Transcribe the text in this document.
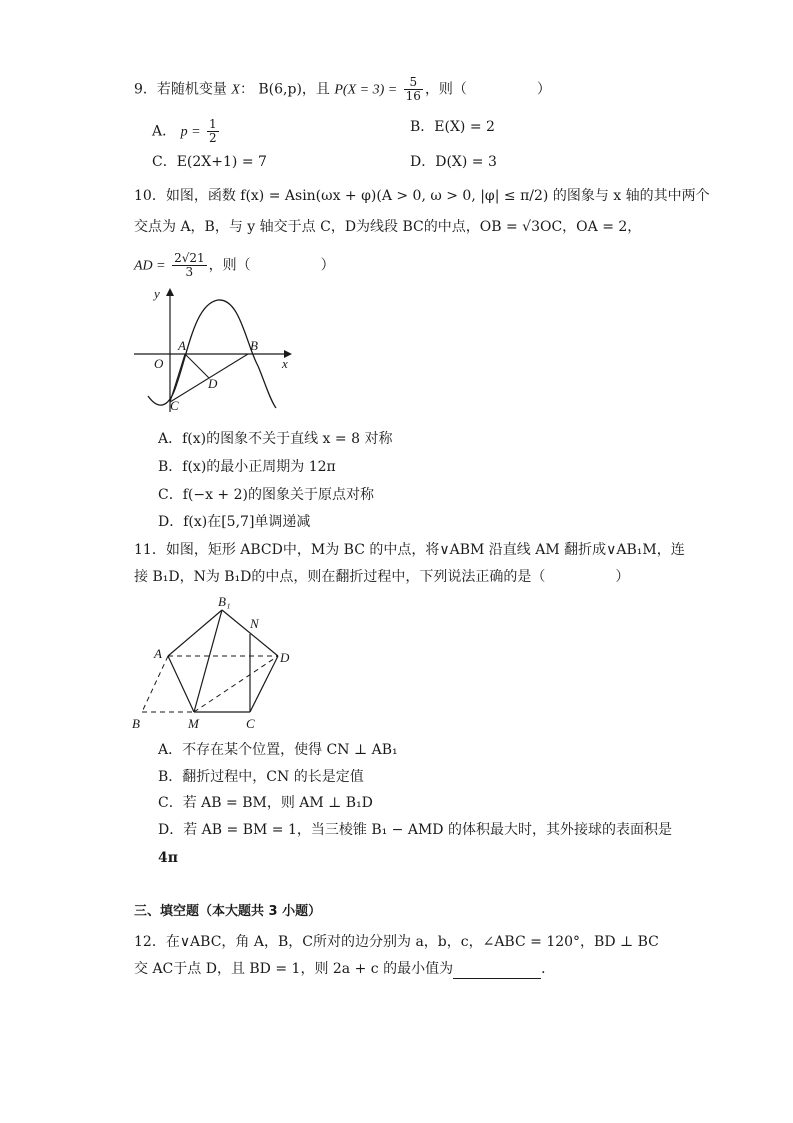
9．若随机变量 X： B(6,p)，且 $P(X = 3) = \frac{5}{16}$ ，则（　　　　　）
A． $p = \frac{1}{2}$	B．E(X) = 2
C．E(2X+1) = 7	D．D(X) = 3
10．如图，函数 f(x) = Asin(ωx + φ)(A > 0, ω > 0, |φ| ≤ π/2) 的图象与 x 轴的其中两个
交点为 A，B，与 y 轴交于点 C，D为线段 BC的中点，OB = √3OC，OA = 2，
AD = $\frac{2√21}{3}$ ，则（　　　　　）
y
x
O
A	B
C
D
A．f(x)的图象不关于直线 x = 8 对称
B．f(x)的最小正周期为 12π
C．f(−x + 2)的图象关于原点对称
D．f(x)在[5,7]单调递减
11．如图，矩形 ABCD中，M为 BC 的中点，将∨ABM 沿直线 AM 翻折成∨AB₁M，连
接 B₁D，N为 B₁D的中点，则在翻折过程中，下列说法正确的是（　　　　　）
B₁
N
A	D
B	M	C
A．不存在某个位置，使得 CN ⊥ AB₁
B．翻折过程中，CN 的长是定值
C．若 AB = BM，则 AM ⊥ B₁D
D．若 AB = BM = 1，当三棱锥 B₁ − AMD 的体积最大时，其外接球的表面积是
4π
三、填空题（本大题共 3 小题）
12．在∨ABC，角 A，B，C所对的边分别为 a，b，c，∠ABC = 120°，BD ⊥ BC
交 AC于点 D，且 BD = 1，则 2a + c 的最小值为	．
